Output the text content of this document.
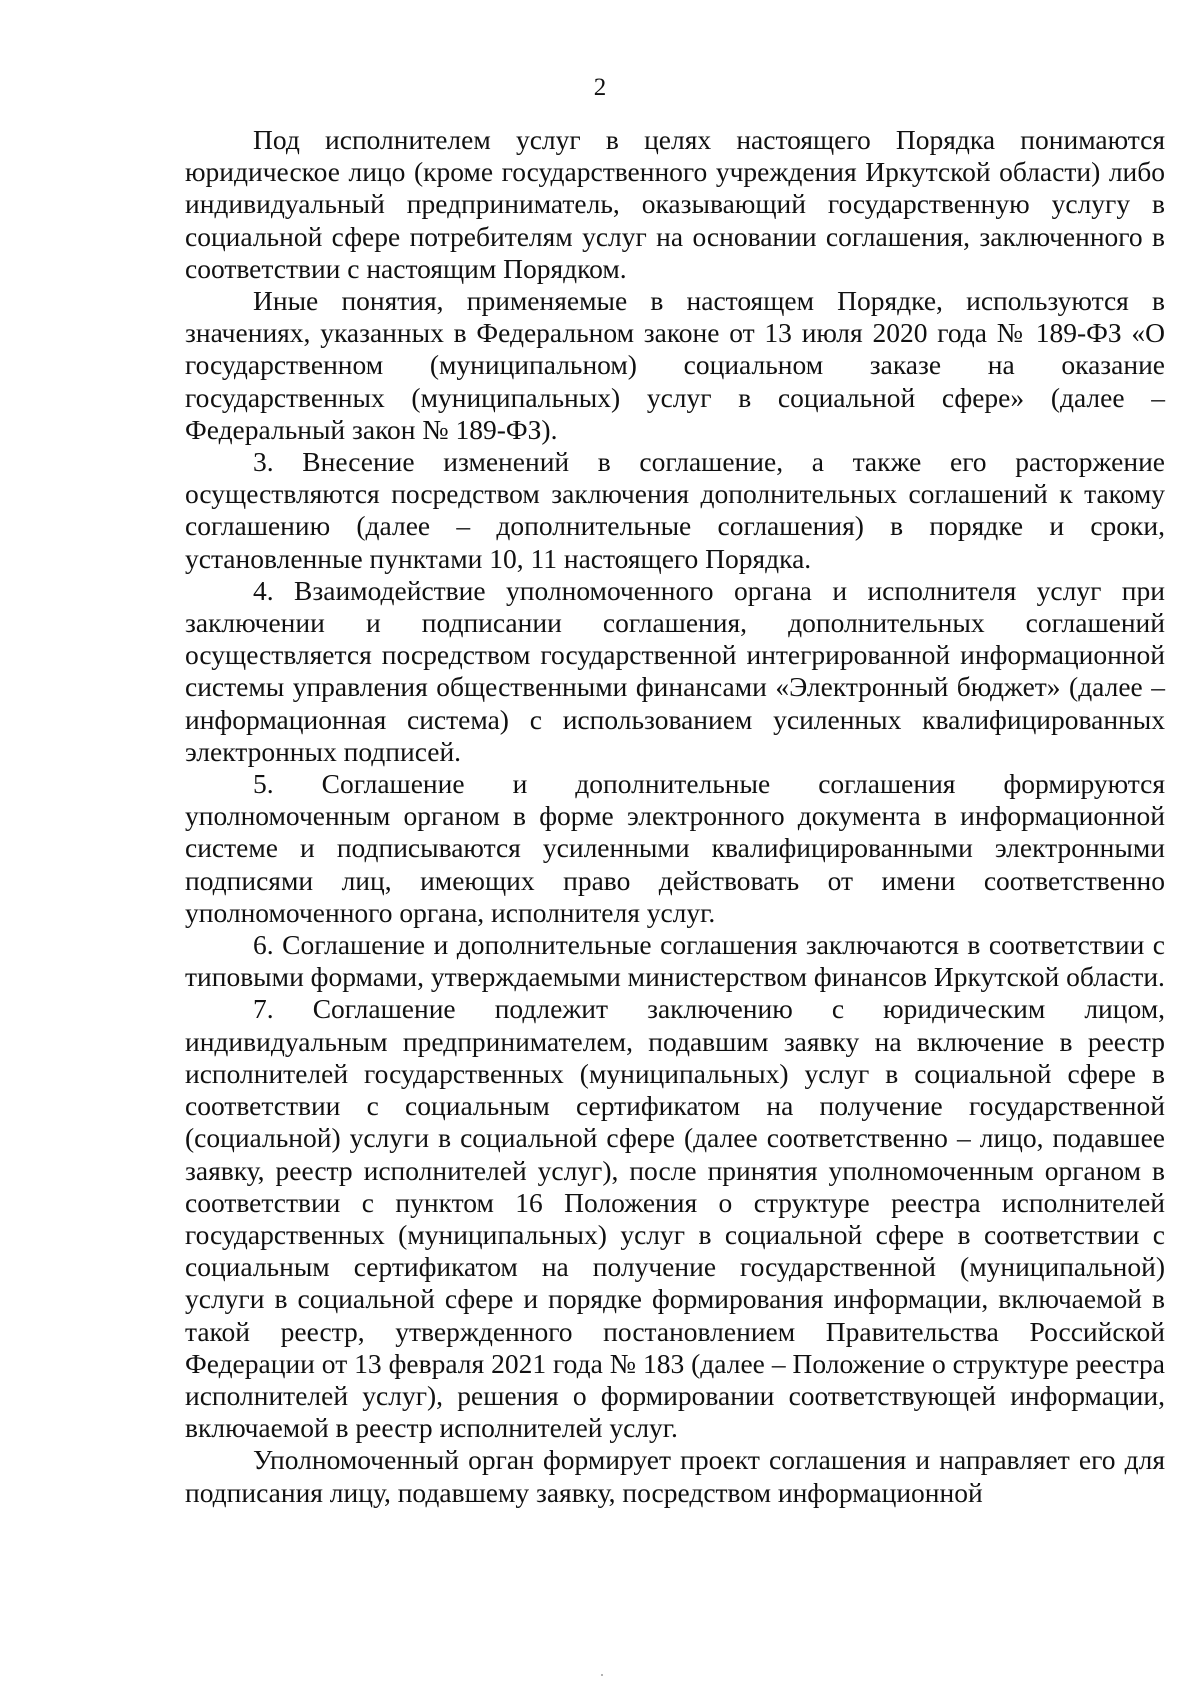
2

Под исполнителем услуг в целях настоящего Порядка понимаются юридическое лицо (кроме государственного учреждения Иркутской области) либо индивидуальный предприниматель, оказывающий государственную услугу в социальной сфере потребителям услуг на основании соглашения, заключенного в соответствии с настоящим Порядком.

Иные понятия, применяемые в настоящем Порядке, используются в значениях, указанных в Федеральном законе от 13 июля 2020 года № 189-ФЗ «О государственном (муниципальном) социальном заказе на оказание государственных (муниципальных) услуг в социальной сфере» (далее – Федеральный закон № 189-ФЗ).

3. Внесение изменений в соглашение, а также его расторжение осуществляются посредством заключения дополнительных соглашений к такому соглашению (далее – дополнительные соглашения) в порядке и сроки, установленные пунктами 10, 11 настоящего Порядка.

4. Взаимодействие уполномоченного органа и исполнителя услуг при заключении и подписании соглашения, дополнительных соглашений осуществляется посредством государственной интегрированной информационной системы управления общественными финансами «Электронный бюджет» (далее – информационная система) с использованием усиленных квалифицированных электронных подписей.

5. Соглашение и дополнительные соглашения формируются уполномоченным органом в форме электронного документа в информационной системе и подписываются усиленными квалифицированными электронными подписями лиц, имеющих право действовать от имени соответственно уполномоченного органа, исполнителя услуг.

6. Соглашение и дополнительные соглашения заключаются в соответствии с типовыми формами, утверждаемыми министерством финансов Иркутской области.

7. Соглашение подлежит заключению с юридическим лицом, индивидуальным предпринимателем, подавшим заявку на включение в реестр исполнителей государственных (муниципальных) услуг в социальной сфере в соответствии с социальным сертификатом на получение государственной (социальной) услуги в социальной сфере (далее соответственно – лицо, подавшее заявку, реестр исполнителей услуг), после принятия уполномоченным органом в соответствии с пунктом 16 Положения о структуре реестра исполнителей государственных (муниципальных) услуг в социальной сфере в соответствии с социальным сертификатом на получение государственной (муниципальной) услуги в социальной сфере и порядке формирования информации, включаемой в такой реестр, утвержденного постановлением Правительства Российской Федерации от 13 февраля 2021 года № 183 (далее – Положение о структуре реестра исполнителей услуг), решения о формировании соответствующей информации, включаемой в реестр исполнителей услуг.

Уполномоченный орган формирует проект соглашения и направляет его для подписания лицу, подавшему заявку, посредством информационной
